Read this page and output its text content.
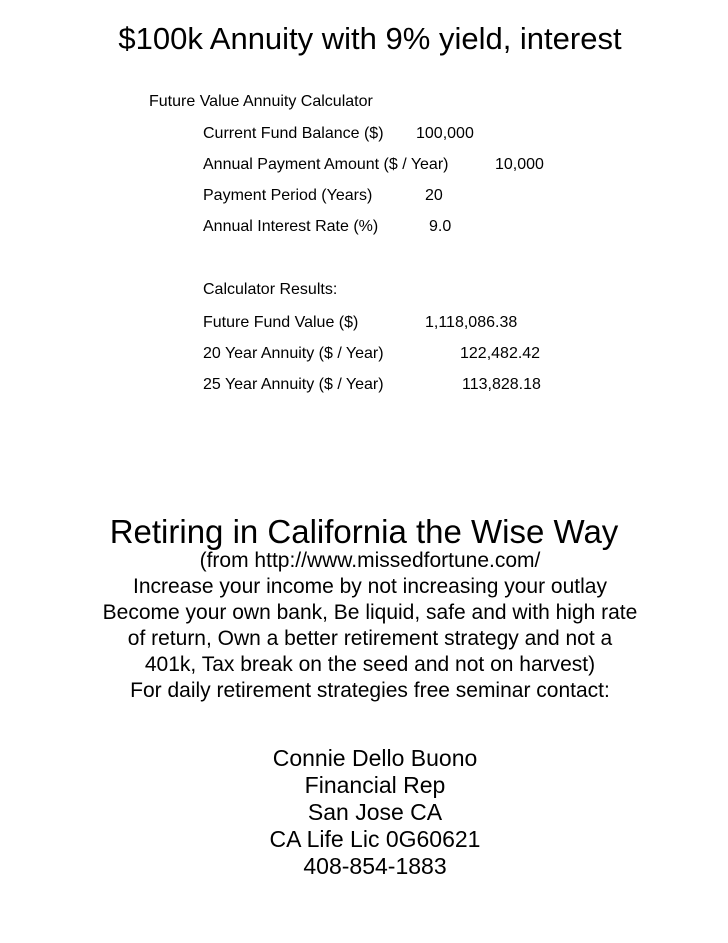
$100k Annuity with 9% yield, interest
Future Value Annuity Calculator
Current Fund Balance ($) 100,000
Annual Payment Amount ($ / Year)	10,000
Payment Period (Years)	20
Annual Interest Rate (%)	9.0
Calculator Results:
Future Fund Value ($)	1,118,086.38
20 Year Annuity ($ / Year)	122,482.42
25 Year Annuity ($ / Year)	113,828.18
Retiring in California the Wise Way
(from http://www.missedfortune.com/
Increase your income by not increasing your outlay
Become your own bank, Be liquid, safe and with high rate
of return, Own a better retirement strategy and not a
401k, Tax break on the seed and not on harvest)
For daily retirement strategies free seminar contact:
Connie Dello Buono
Financial Rep
San Jose CA
CA Life Lic 0G60621
408-854-1883
